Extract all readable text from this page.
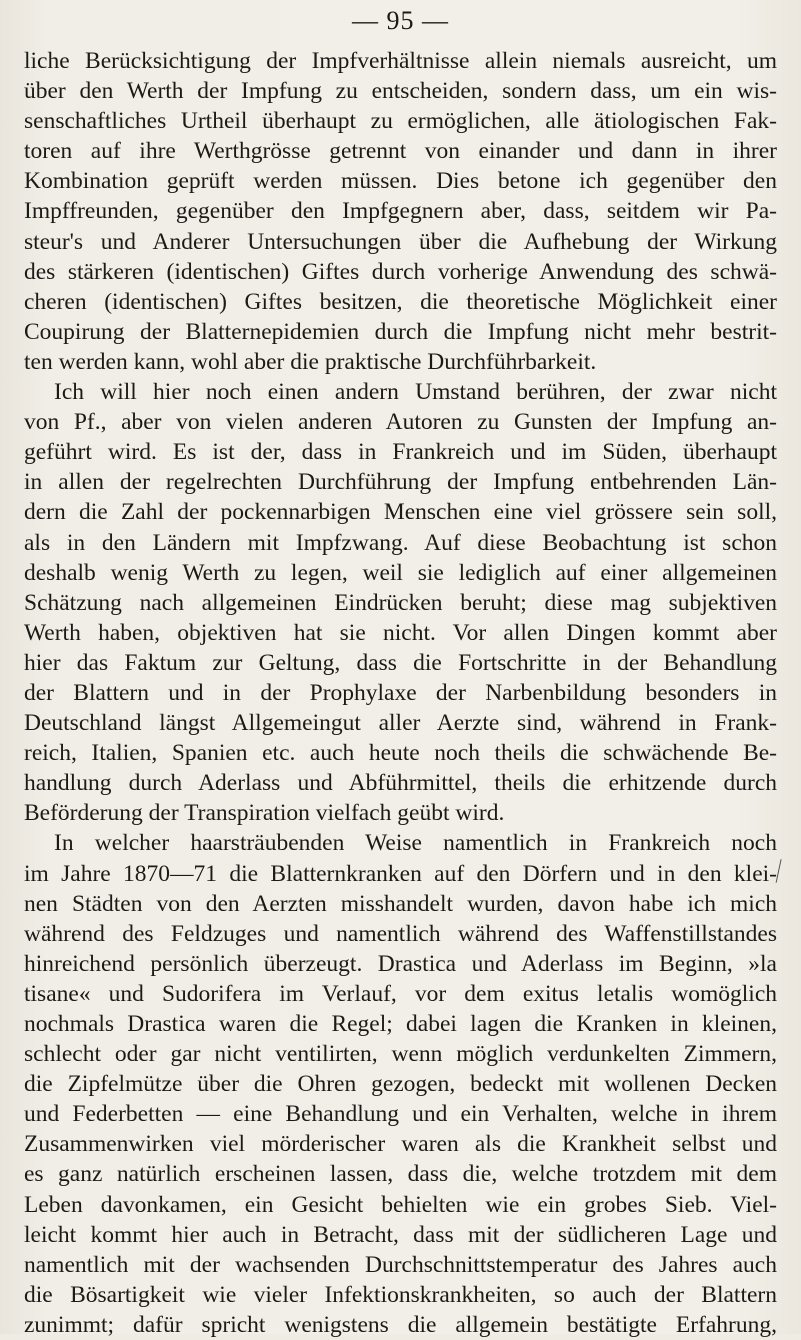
— 95 —
liche Berücksichtigung der Impfverhältnisse allein niemals ausreicht, um
über den Werth der Impfung zu entscheiden, sondern dass, um ein wis-
senschaftliches Urtheil überhaupt zu ermöglichen, alle ätiologischen Fak-
toren auf ihre Werthgrösse getrennt von einander und dann in ihrer
Kombination geprüft werden müssen. Dies betone ich gegenüber den
Impffreunden, gegenüber den Impfgegnern aber, dass, seitdem wir Pa-
steur's und Anderer Untersuchungen über die Aufhebung der Wirkung
des stärkeren (identischen) Giftes durch vorherige Anwendung des schwä-
cheren (identischen) Giftes besitzen, die theoretische Möglichkeit einer
Coupirung der Blatternepidemien durch die Impfung nicht mehr bestrit-
ten werden kann, wohl aber die praktische Durchführbarkeit.
Ich will hier noch einen andern Umstand berühren, der zwar nicht
von Pf., aber von vielen anderen Autoren zu Gunsten der Impfung an-
geführt wird. Es ist der, dass in Frankreich und im Süden, überhaupt
in allen der regelrechten Durchführung der Impfung entbehrenden Län-
dern die Zahl der pockennarbigen Menschen eine viel grössere sein soll,
als in den Ländern mit Impfzwang. Auf diese Beobachtung ist schon
deshalb wenig Werth zu legen, weil sie lediglich auf einer allgemeinen
Schätzung nach allgemeinen Eindrücken beruht; diese mag subjektiven
Werth haben, objektiven hat sie nicht. Vor allen Dingen kommt aber
hier das Faktum zur Geltung, dass die Fortschritte in der Behandlung
der Blattern und in der Prophylaxe der Narbenbildung besonders in
Deutschland längst Allgemeingut aller Aerzte sind, während in Frank-
reich, Italien, Spanien etc. auch heute noch theils die schwächende Be-
handlung durch Aderlass und Abführmittel, theils die erhitzende durch
Beförderung der Transpiration vielfach geübt wird.
In welcher haarsträubenden Weise namentlich in Frankreich noch
im Jahre 1870—71 die Blatternkranken auf den Dörfern und in den klei-
nen Städten von den Aerzten misshandelt wurden, davon habe ich mich
während des Feldzuges und namentlich während des Waffenstillstandes
hinreichend persönlich überzeugt. Drastica und Aderlass im Beginn, »la
tisane« und Sudorifera im Verlauf, vor dem exitus letalis womöglich
nochmals Drastica waren die Regel; dabei lagen die Kranken in kleinen,
schlecht oder gar nicht ventilirten, wenn möglich verdunkelten Zimmern,
die Zipfelmütze über die Ohren gezogen, bedeckt mit wollenen Decken
und Federbetten — eine Behandlung und ein Verhalten, welche in ihrem
Zusammenwirken viel mörderischer waren als die Krankheit selbst und
es ganz natürlich erscheinen lassen, dass die, welche trotzdem mit dem
Leben davonkamen, ein Gesicht behielten wie ein grobes Sieb. Viel-
leicht kommt hier auch in Betracht, dass mit der südlicheren Lage und
namentlich mit der wachsenden Durchschnittstemperatur des Jahres auch
die Bösartigkeit wie vieler Infektionskrankheiten, so auch der Blattern
zunimmt; dafür spricht wenigstens die allgemein bestätigte Erfahrung,
